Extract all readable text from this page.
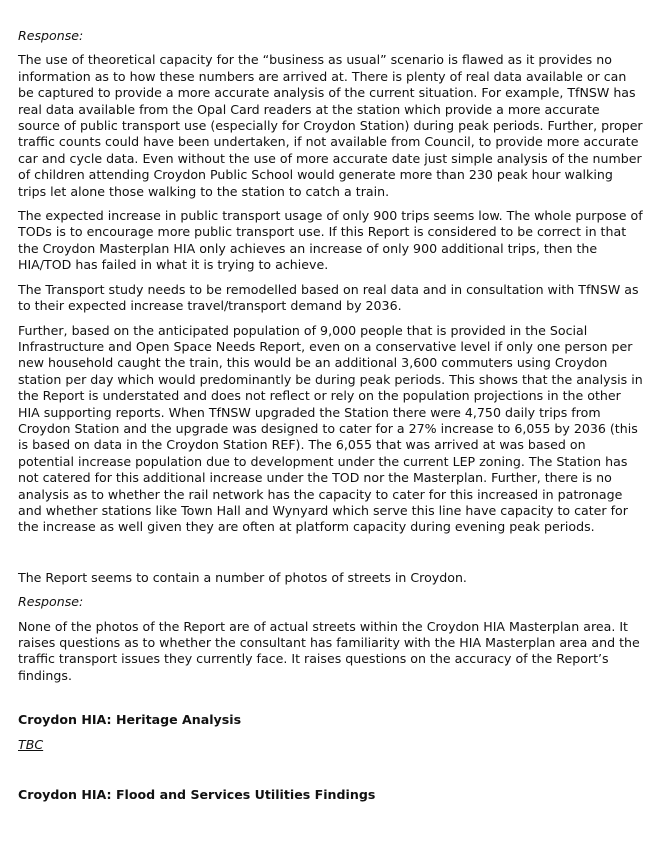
Response:

The use of theoretical capacity for the “business as usual” scenario is flawed as it provides no information as to how these numbers are arrived at. There is plenty of real data available or can be captured to provide a more accurate analysis of the current situation. For example, TfNSW has real data available from the Opal Card readers at the station which provide a more accurate source of public transport use (especially for Croydon Station) during peak periods. Further, proper traffic counts could have been undertaken, if not available from Council, to provide more accurate car and cycle data. Even without the use of more accurate date just simple analysis of the number of children attending Croydon Public School would generate more than 230 peak hour walking trips let alone those walking to the station to catch a train.

The expected increase in public transport usage of only 900 trips seems low. The whole purpose of TODs is to encourage more public transport use. If this Report is considered to be correct in that the Croydon Masterplan HIA only achieves an increase of only 900 additional trips, then the HIA/TOD has failed in what it is trying to achieve.

The Transport study needs to be remodelled based on real data and in consultation with TfNSW as to their expected increase travel/transport demand by 2036.

Further, based on the anticipated population of 9,000 people that is provided in the Social Infrastructure and Open Space Needs Report, even on a conservative level if only one person per new household caught the train, this would be an additional 3,600 commuters using Croydon station per day which would predominantly be during peak periods. This shows that the analysis in the Report is understated and does not reflect or rely on the population projections in the other HIA supporting reports. When TfNSW upgraded the Station there were 4,750 daily trips from Croydon Station and the upgrade was designed to cater for a 27% increase to 6,055 by 2036 (this is based on data in the Croydon Station REF). The 6,055 that was arrived at was based on potential increase population due to development under the current LEP zoning. The Station has not catered for this additional increase under the TOD nor the Masterplan. Further, there is no analysis as to whether the rail network has the capacity to cater for this increased in patronage and whether stations like Town Hall and Wynyard which serve this line have capacity to cater for the increase as well given they are often at platform capacity during evening peak periods.

The Report seems to contain a number of photos of streets in Croydon.

Response:

None of the photos of the Report are of actual streets within the Croydon HIA Masterplan area. It raises questions as to whether the consultant has familiarity with the HIA Masterplan area and the traffic transport issues they currently face. It raises questions on the accuracy of the Report’s findings.

Croydon HIA: Heritage Analysis

TBC

Croydon HIA: Flood and Services Utilities Findings
